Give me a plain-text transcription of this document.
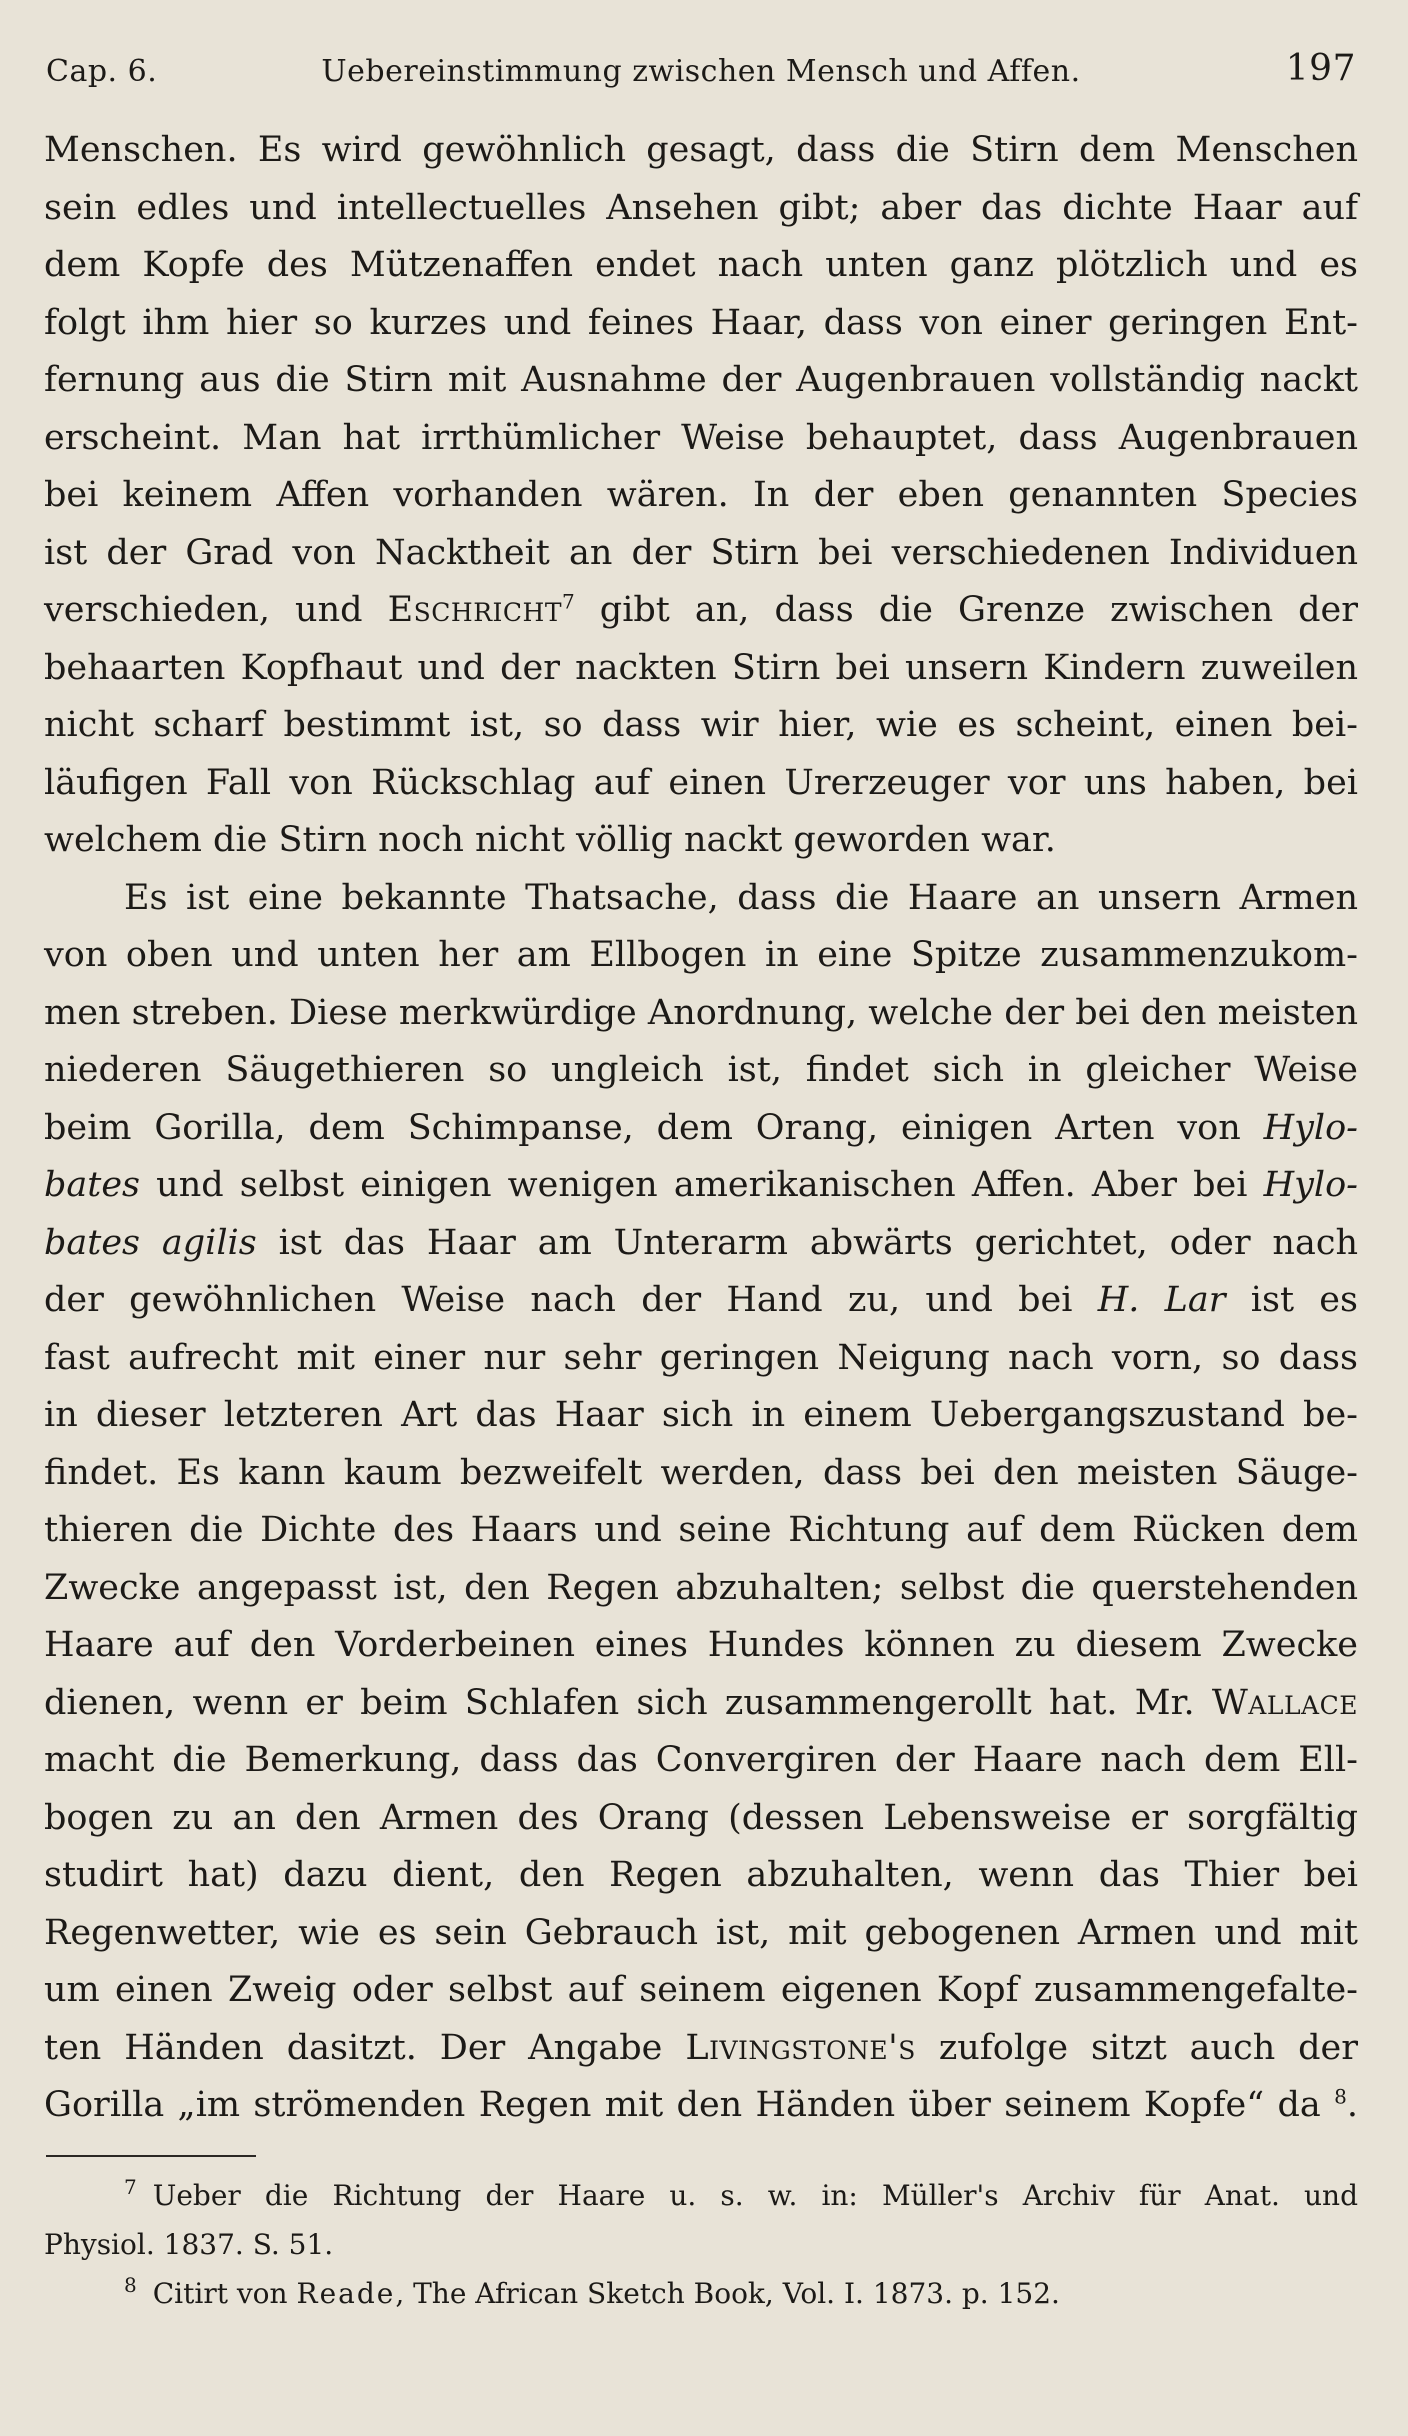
Cap. 6.	Uebereinstimmung zwischen Mensch und Affen.	197
Menschen. Es wird gewöhnlich gesagt, dass die Stirn dem Menschen
sein edles und intellectuelles Ansehen gibt; aber das dichte Haar auf
dem Kopfe des Mützenaffen endet nach unten ganz plötzlich und es
folgt ihm hier so kurzes und feines Haar, dass von einer geringen Ent-
fernung aus die Stirn mit Ausnahme der Augenbrauen vollständig nackt
erscheint. Man hat irrthümlicher Weise behauptet, dass Augenbrauen
bei keinem Affen vorhanden wären. In der eben genannten Species
ist der Grad von Nacktheit an der Stirn bei verschiedenen Individuen
verschieden, und Eschricht$^7$ gibt an, dass die Grenze zwischen der
behaarten Kopfhaut und der nackten Stirn bei unsern Kindern zuweilen
nicht scharf bestimmt ist, so dass wir hier, wie es scheint, einen bei-
läufigen Fall von Rückschlag auf einen Urerzeuger vor uns haben, bei
welchem die Stirn noch nicht völlig nackt geworden war.
Es ist eine bekannte Thatsache, dass die Haare an unsern Armen
von oben und unten her am Ellbogen in eine Spitze zusammenzukom-
men streben. Diese merkwürdige Anordnung, welche der bei den meisten
niederen Säugethieren so ungleich ist, findet sich in gleicher Weise
beim Gorilla, dem Schimpanse, dem Orang, einigen Arten von Hylo-
bates und selbst einigen wenigen amerikanischen Affen. Aber bei Hylo-
bates agilis ist das Haar am Unterarm abwärts gerichtet, oder nach
der gewöhnlichen Weise nach der Hand zu, und bei H. Lar ist es
fast aufrecht mit einer nur sehr geringen Neigung nach vorn, so dass
in dieser letzteren Art das Haar sich in einem Uebergangszustand be-
findet. Es kann kaum bezweifelt werden, dass bei den meisten Säuge-
thieren die Dichte des Haars und seine Richtung auf dem Rücken dem
Zwecke angepasst ist, den Regen abzuhalten; selbst die querstehenden
Haare auf den Vorderbeinen eines Hundes können zu diesem Zwecke
dienen, wenn er beim Schlafen sich zusammengerollt hat. Mr. Wallace
macht die Bemerkung, dass das Convergiren der Haare nach dem Ell-
bogen zu an den Armen des Orang (dessen Lebensweise er sorgfältig
studirt hat) dazu dient, den Regen abzuhalten, wenn das Thier bei
Regenwetter, wie es sein Gebrauch ist, mit gebogenen Armen und mit
um einen Zweig oder selbst auf seinem eigenen Kopf zusammengefalte-
ten Händen dasitzt. Der Angabe Livingstone's zufolge sitzt auch der
Gorilla „im strömenden Regen mit den Händen über seinem Kopfe“ da $^8$.
$^7$ Ueber die Richtung der Haare u. s. w. in: Müller's Archiv für Anat. und
Physiol. 1837. S. 51.
$^8$ Citirt von Reade, The African Sketch Book, Vol. I. 1873. p. 152.
